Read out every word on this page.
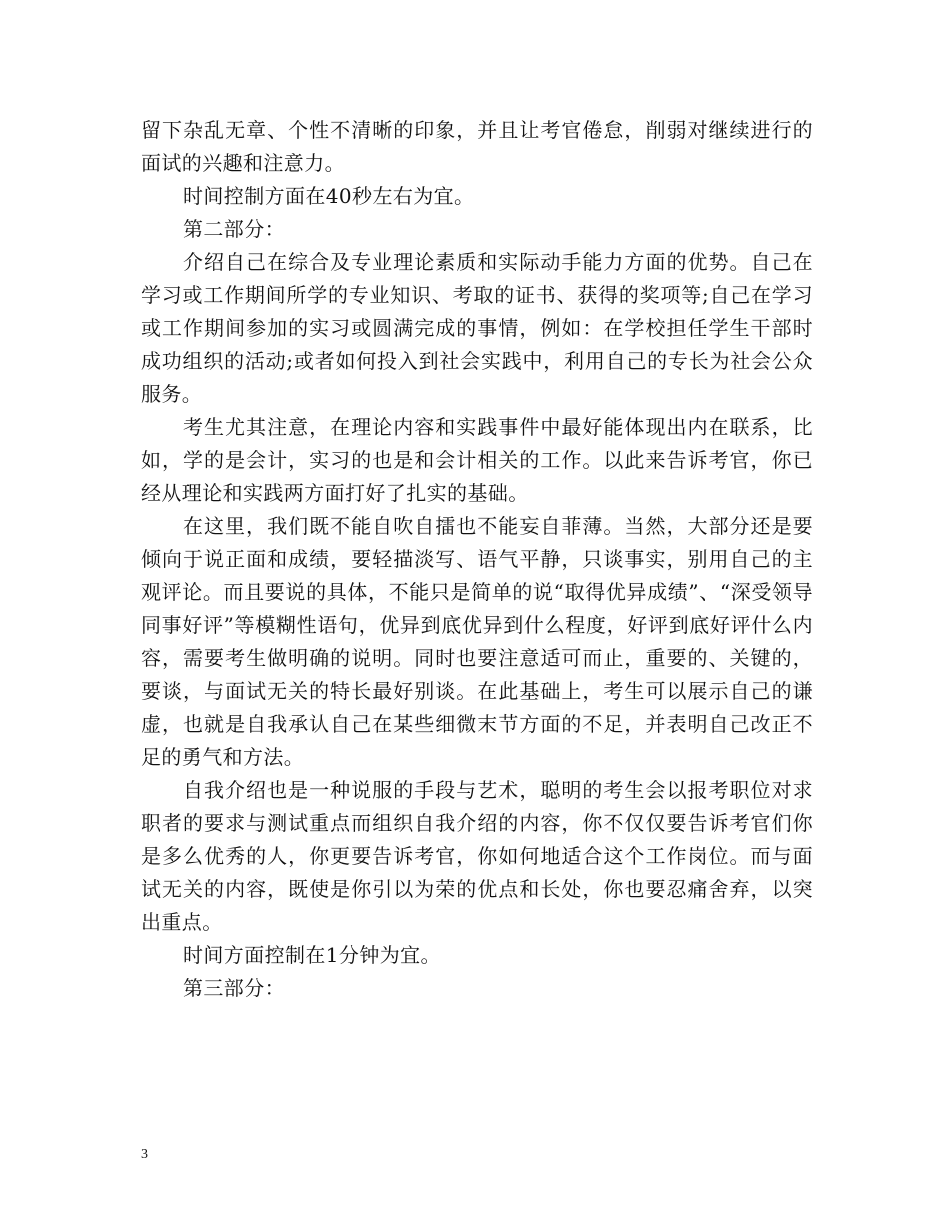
留下杂乱无章、个性不清晰的印象，并且让考官倦怠，削弱对继续进行的面试的兴趣和注意力。

时间控制方面在40秒左右为宜。

第二部分：

介绍自己在综合及专业理论素质和实际动手能力方面的优势。自己在学习或工作期间所学的专业知识、考取的证书、获得的奖项等;自己在学习或工作期间参加的实习或圆满完成的事情，例如：在学校担任学生干部时成功组织的活动;或者如何投入到社会实践中，利用自己的专长为社会公众服务。

考生尤其注意，在理论内容和实践事件中最好能体现出内在联系，比如，学的是会计，实习的也是和会计相关的工作。以此来告诉考官，你已经从理论和实践两方面打好了扎实的基础。

在这里，我们既不能自吹自擂也不能妄自菲薄。当然，大部分还是要倾向于说正面和成绩，要轻描淡写、语气平静，只谈事实，别用自己的主观评论。而且要说的具体，不能只是简单的说“取得优异成绩”、“深受领导同事好评”等模糊性语句，优异到底优异到什么程度，好评到底好评什么内容，需要考生做明确的说明。同时也要注意适可而止，重要的、关键的，要谈，与面试无关的特长最好别谈。在此基础上，考生可以展示自己的谦虚，也就是自我承认自己在某些细微末节方面的不足，并表明自己改正不足的勇气和方法。

自我介绍也是一种说服的手段与艺术，聪明的考生会以报考职位对求职者的要求与测试重点而组织自我介绍的内容，你不仅仅要告诉考官们你是多么优秀的人，你更要告诉考官，你如何地适合这个工作岗位。而与面试无关的内容，既使是你引以为荣的优点和长处，你也要忍痛舍弃，以突出重点。

时间方面控制在1分钟为宜。

第三部分：

3
